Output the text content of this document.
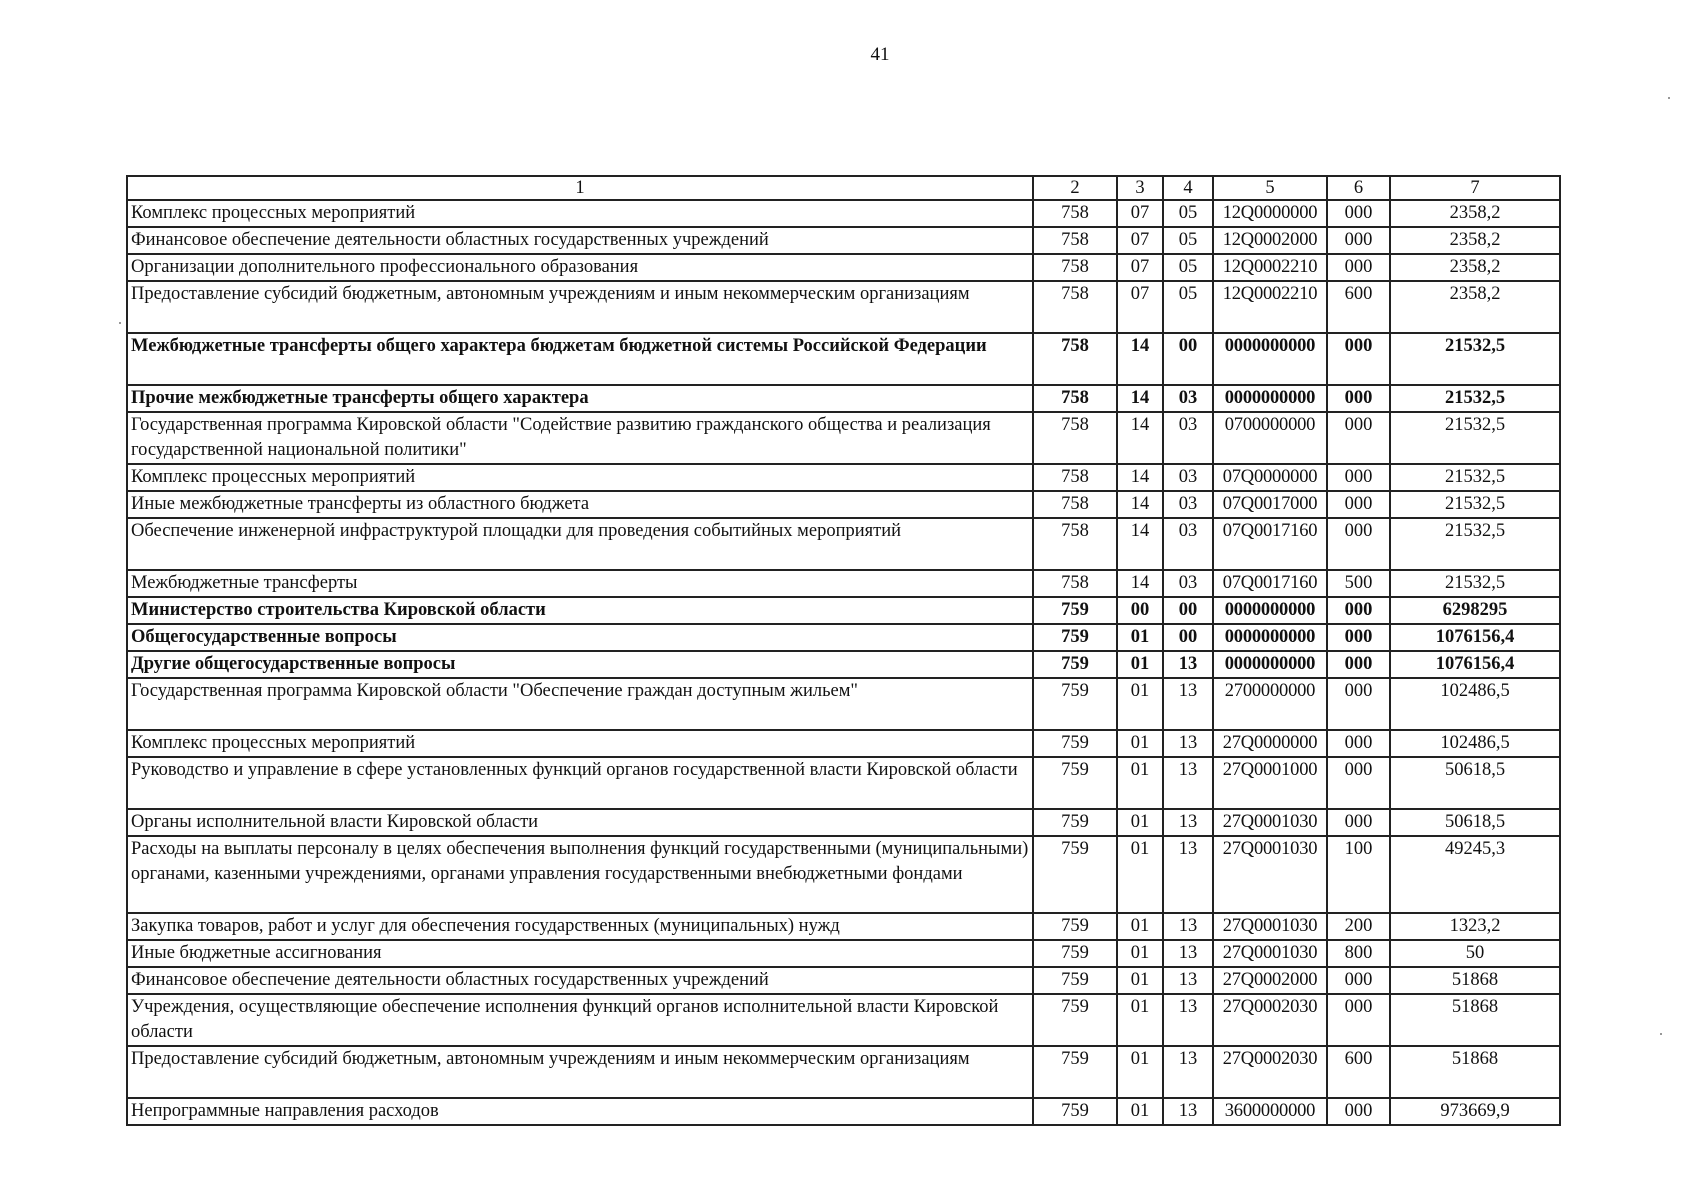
41
1	2	3	4	5	6	7
Комплекс процессных мероприятий	758	07	05	12Q0000000	000	2358,2
Финансовое обеспечение деятельности областных государственных учреждений	758	07	05	12Q0002000	000	2358,2
Организации дополнительного профессионального образования	758	07	05	12Q0002210	000	2358,2
Предоставление субсидий бюджетным, автономным учреждениям и иным некоммерческим организациям	758	07	05	12Q0002210	600	2358,2
Межбюджетные трансферты общего характера бюджетам бюджетной системы Российской Федерации	758	14	00	0000000000	000	21532,5
Прочие межбюджетные трансферты общего характера	758	14	03	0000000000	000	21532,5
Государственная программа Кировской области "Содействие развитию гражданского общества и реализация государственной национальной политики"	758	14	03	0700000000	000	21532,5
Комплекс процессных мероприятий	758	14	03	07Q0000000	000	21532,5
Иные межбюджетные трансферты из областного бюджета	758	14	03	07Q0017000	000	21532,5
Обеспечение инженерной инфраструктурой площадки для проведения событийных мероприятий	758	14	03	07Q0017160	000	21532,5
Межбюджетные трансферты	758	14	03	07Q0017160	500	21532,5
Министерство строительства Кировской области	759	00	00	0000000000	000	6298295
Общегосударственные вопросы	759	01	00	0000000000	000	1076156,4
Другие общегосударственные вопросы	759	01	13	0000000000	000	1076156,4
Государственная программа Кировской области "Обеспечение граждан доступным жильем"	759	01	13	2700000000	000	102486,5
Комплекс процессных мероприятий	759	01	13	27Q0000000	000	102486,5
Руководство и управление в сфере установленных функций органов государственной власти Кировской области	759	01	13	27Q0001000	000	50618,5
Органы исполнительной власти Кировской области	759	01	13	27Q0001030	000	50618,5
Расходы на выплаты персоналу в целях обеспечения выполнения функций государственными (муниципальными) органами, казенными учреждениями, органами управления государственными внебюджетными фондами	759	01	13	27Q0001030	100	49245,3
Закупка товаров, работ и услуг для обеспечения государственных (муниципальных) нужд	759	01	13	27Q0001030	200	1323,2
Иные бюджетные ассигнования	759	01	13	27Q0001030	800	50
Финансовое обеспечение деятельности областных государственных учреждений	759	01	13	27Q0002000	000	51868
Учреждения, осуществляющие обеспечение исполнения функций органов исполнительной власти Кировской области	759	01	13	27Q0002030	000	51868
Предоставление субсидий бюджетным, автономным учреждениям и иным некоммерческим организациям	759	01	13	27Q0002030	600	51868
Непрограммные направления расходов	759	01	13	3600000000	000	973669,9
